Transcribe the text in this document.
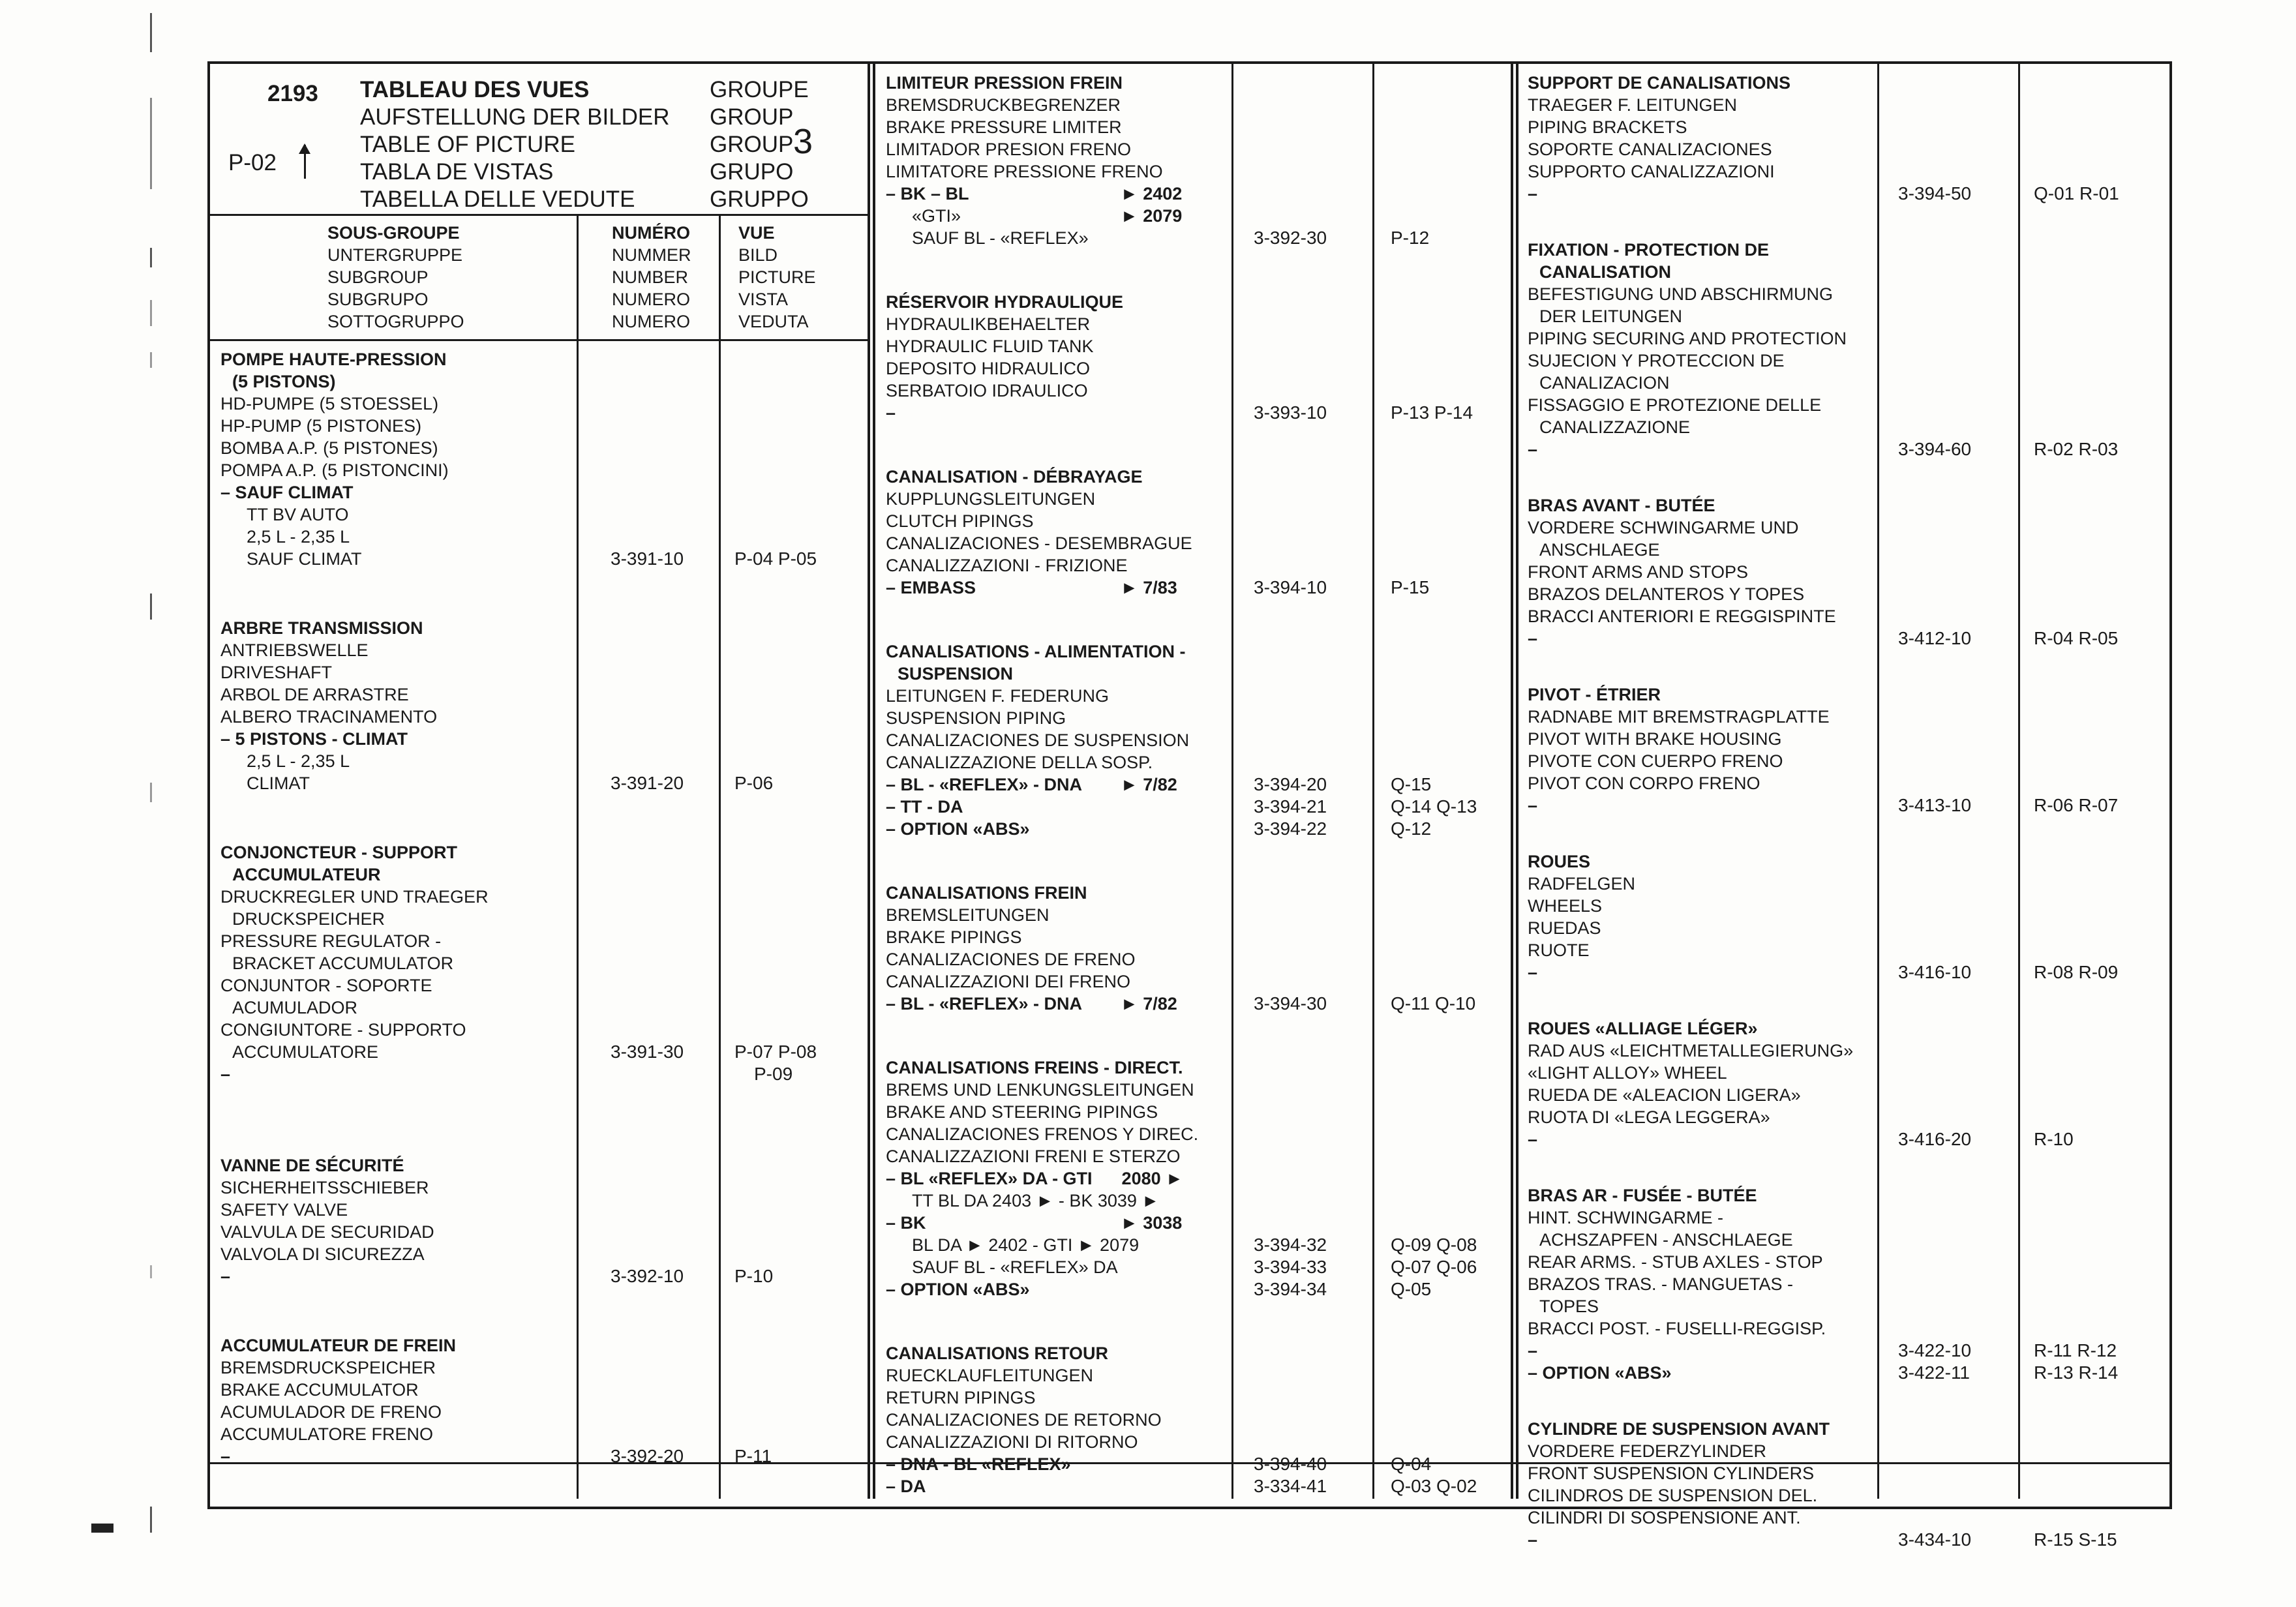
2193
P-02
TABLEAU DES VUES
AUFSTELLUNG DER BILDER
TABLE OF PICTURE
TABLA DE VISTAS
TABELLA DELLE VEDUTE
GROUPE
GROUP
GROUP
GRUPO
GRUPPO
3
SOUS-GROUPE
UNTERGRUPPE
SUBGROUP
SUBGRUPO
SOTTOGRUPPO
NUMÉRO
NUMMER
NUMBER
NUMERO
NUMERO
VUE
BILD
PICTURE
VISTA
VEDUTA
POMPE HAUTE-PRESSION
(5 PISTONS)
HD-PUMPE (5 STOESSEL)
HP-PUMP (5 PISTONES)
BOMBA A.P. (5 PISTONES)
POMPA A.P. (5 PISTONCINI)
– SAUF CLIMAT
TT BV AUTO
2,5 L - 2,35 L
SAUF CLIMAT	3-391-10	P-04 P-05
ARBRE TRANSMISSION
ANTRIEBSWELLE
DRIVESHAFT
ARBOL DE ARRASTRE
ALBERO TRACINAMENTO
– 5 PISTONS - CLIMAT
2,5 L - 2,35 L
CLIMAT	3-391-20	P-06
CONJONCTEUR - SUPPORT
ACCUMULATEUR
DRUCKREGLER UND TRAEGER
DRUCKSPEICHER
PRESSURE REGULATOR -
BRACKET ACCUMULATOR
CONJUNTOR - SOPORTE
ACUMULADOR
CONGIUNTORE - SUPPORTO
ACCUMULATORE
–
3-391-30	P-07 P-08
P-09
VANNE DE SÉCURITÉ
SICHERHEITSSCHIEBER
SAFETY VALVE
VALVULA DE SECURIDAD
VALVOLA DI SICUREZZA
–	3-392-10	P-10
ACCUMULATEUR DE FREIN
BREMSDRUCKSPEICHER
BRAKE ACCUMULATOR
ACUMULADOR DE FRENO
ACCUMULATORE FRENO
–	3-392-20	P-11
LIMITEUR PRESSION FREIN
BREMSDRUCKBEGRENZER
BRAKE PRESSURE LIMITER
LIMITADOR PRESION FRENO
LIMITATORE PRESSIONE FRENO
– BK – BL	► 2402
«GTI»	► 2079
SAUF BL - «REFLEX»	3-392-30	P-12
RÉSERVOIR HYDRAULIQUE
HYDRAULIKBEHAELTER
HYDRAULIC FLUID TANK
DEPOSITO HIDRAULICO
SERBATOIO IDRAULICO
–	3-393-10	P-13 P-14
CANALISATION - DÉBRAYAGE
KUPPLUNGSLEITUNGEN
CLUTCH PIPINGS
CANALIZACIONES - DESEMBRAGUE
CANALIZZAZIONI - FRIZIONE
– EMBASS	► 7/83	3-394-10	P-15
CANALISATIONS - ALIMENTATION -
SUSPENSION
LEITUNGEN F. FEDERUNG
SUSPENSION PIPING
CANALIZACIONES DE SUSPENSION
CANALIZZAZIONE DELLA SOSP.
– BL - «REFLEX» - DNA ► 7/82
– TT - DA
– OPTION «ABS»
3-394-20	Q-15
3-394-21	Q-14 Q-13
3-394-22	Q-12
CANALISATIONS FREIN
BREMSLEITUNGEN
BRAKE PIPINGS
CANALIZACIONES DE FRENO
CANALIZZAZIONI DEI FRENO
– BL - «REFLEX» - DNA ► 7/82	3-394-30	Q-11 Q-10
CANALISATIONS FREINS - DIRECT.
BREMS UND LENKUNGSLEITUNGEN
BRAKE AND STEERING PIPINGS
CANALIZACIONES FRENOS Y DIREC.
CANALIZZAZIONI FRENI E STERZO
– BL «REFLEX» DA - GTI      2080 ►
TT BL DA 2403 ► - BK 3039 ►
– BK	► 3038
BL DA ► 2402 - GTI ► 2079
SAUF BL - «REFLEX» DA
– OPTION «ABS»
3-394-32	Q-09 Q-08
3-394-33	Q-07 Q-06
3-394-34	Q-05
CANALISATIONS RETOUR
RUECKLAUFLEITUNGEN
RETURN PIPINGS
CANALIZACIONES DE RETORNO
CANALIZZAZIONI DI RITORNO
– DNA - BL «REFLEX»
– DA
3-394-40	Q-04
3-334-41	Q-03 Q-02
SUPPORT DE CANALISATIONS
TRAEGER F. LEITUNGEN
PIPING BRACKETS
SOPORTE CANALIZACIONES
SUPPORTO CANALIZZAZIONI
–	3-394-50	Q-01 R-01
FIXATION - PROTECTION DE
CANALISATION
BEFESTIGUNG UND ABSCHIRMUNG
DER LEITUNGEN
PIPING SECURING AND PROTECTION
SUJECION Y PROTECCION DE
CANALIZACION
FISSAGGIO E PROTEZIONE DELLE
CANALIZZAZIONE
–	3-394-60	R-02 R-03
BRAS AVANT - BUTÉE
VORDERE SCHWINGARME UND
ANSCHLAEGE
FRONT ARMS AND STOPS
BRAZOS DELANTEROS Y TOPES
BRACCI ANTERIORI E REGGISPINTE
–	3-412-10	R-04 R-05
PIVOT - ÉTRIER
RADNABE MIT BREMSTRAGPLATTE
PIVOT WITH BRAKE HOUSING
PIVOTE CON CUERPO FRENO
PIVOT CON CORPO FRENO
–	3-413-10	R-06 R-07
ROUES
RADFELGEN
WHEELS
RUEDAS
RUOTE
–	3-416-10	R-08 R-09
ROUES «ALLIAGE LÉGER»
RAD AUS «LEICHTMETALLEGIERUNG»
«LIGHT ALLOY» WHEEL
RUEDA DE «ALEACION LIGERA»
RUOTA DI «LEGA LEGGERA»
–	3-416-20	R-10
BRAS AR - FUSÉE - BUTÉE
HINT. SCHWINGARME -
ACHSZAPFEN - ANSCHLAEGE
REAR ARMS. - STUB AXLES - STOP
BRAZOS TRAS. - MANGUETAS -
TOPES
BRACCI POST. - FUSELLI-REGGISP.
–
– OPTION «ABS»
3-422-10	R-11 R-12
3-422-11	R-13 R-14
CYLINDRE DE SUSPENSION AVANT
VORDERE FEDERZYLINDER
FRONT SUSPENSION CYLINDERS
CILINDROS DE SUSPENSION DEL.
CILINDRI DI SOSPENSIONE ANT.
–	3-434-10	R-15 S-15
